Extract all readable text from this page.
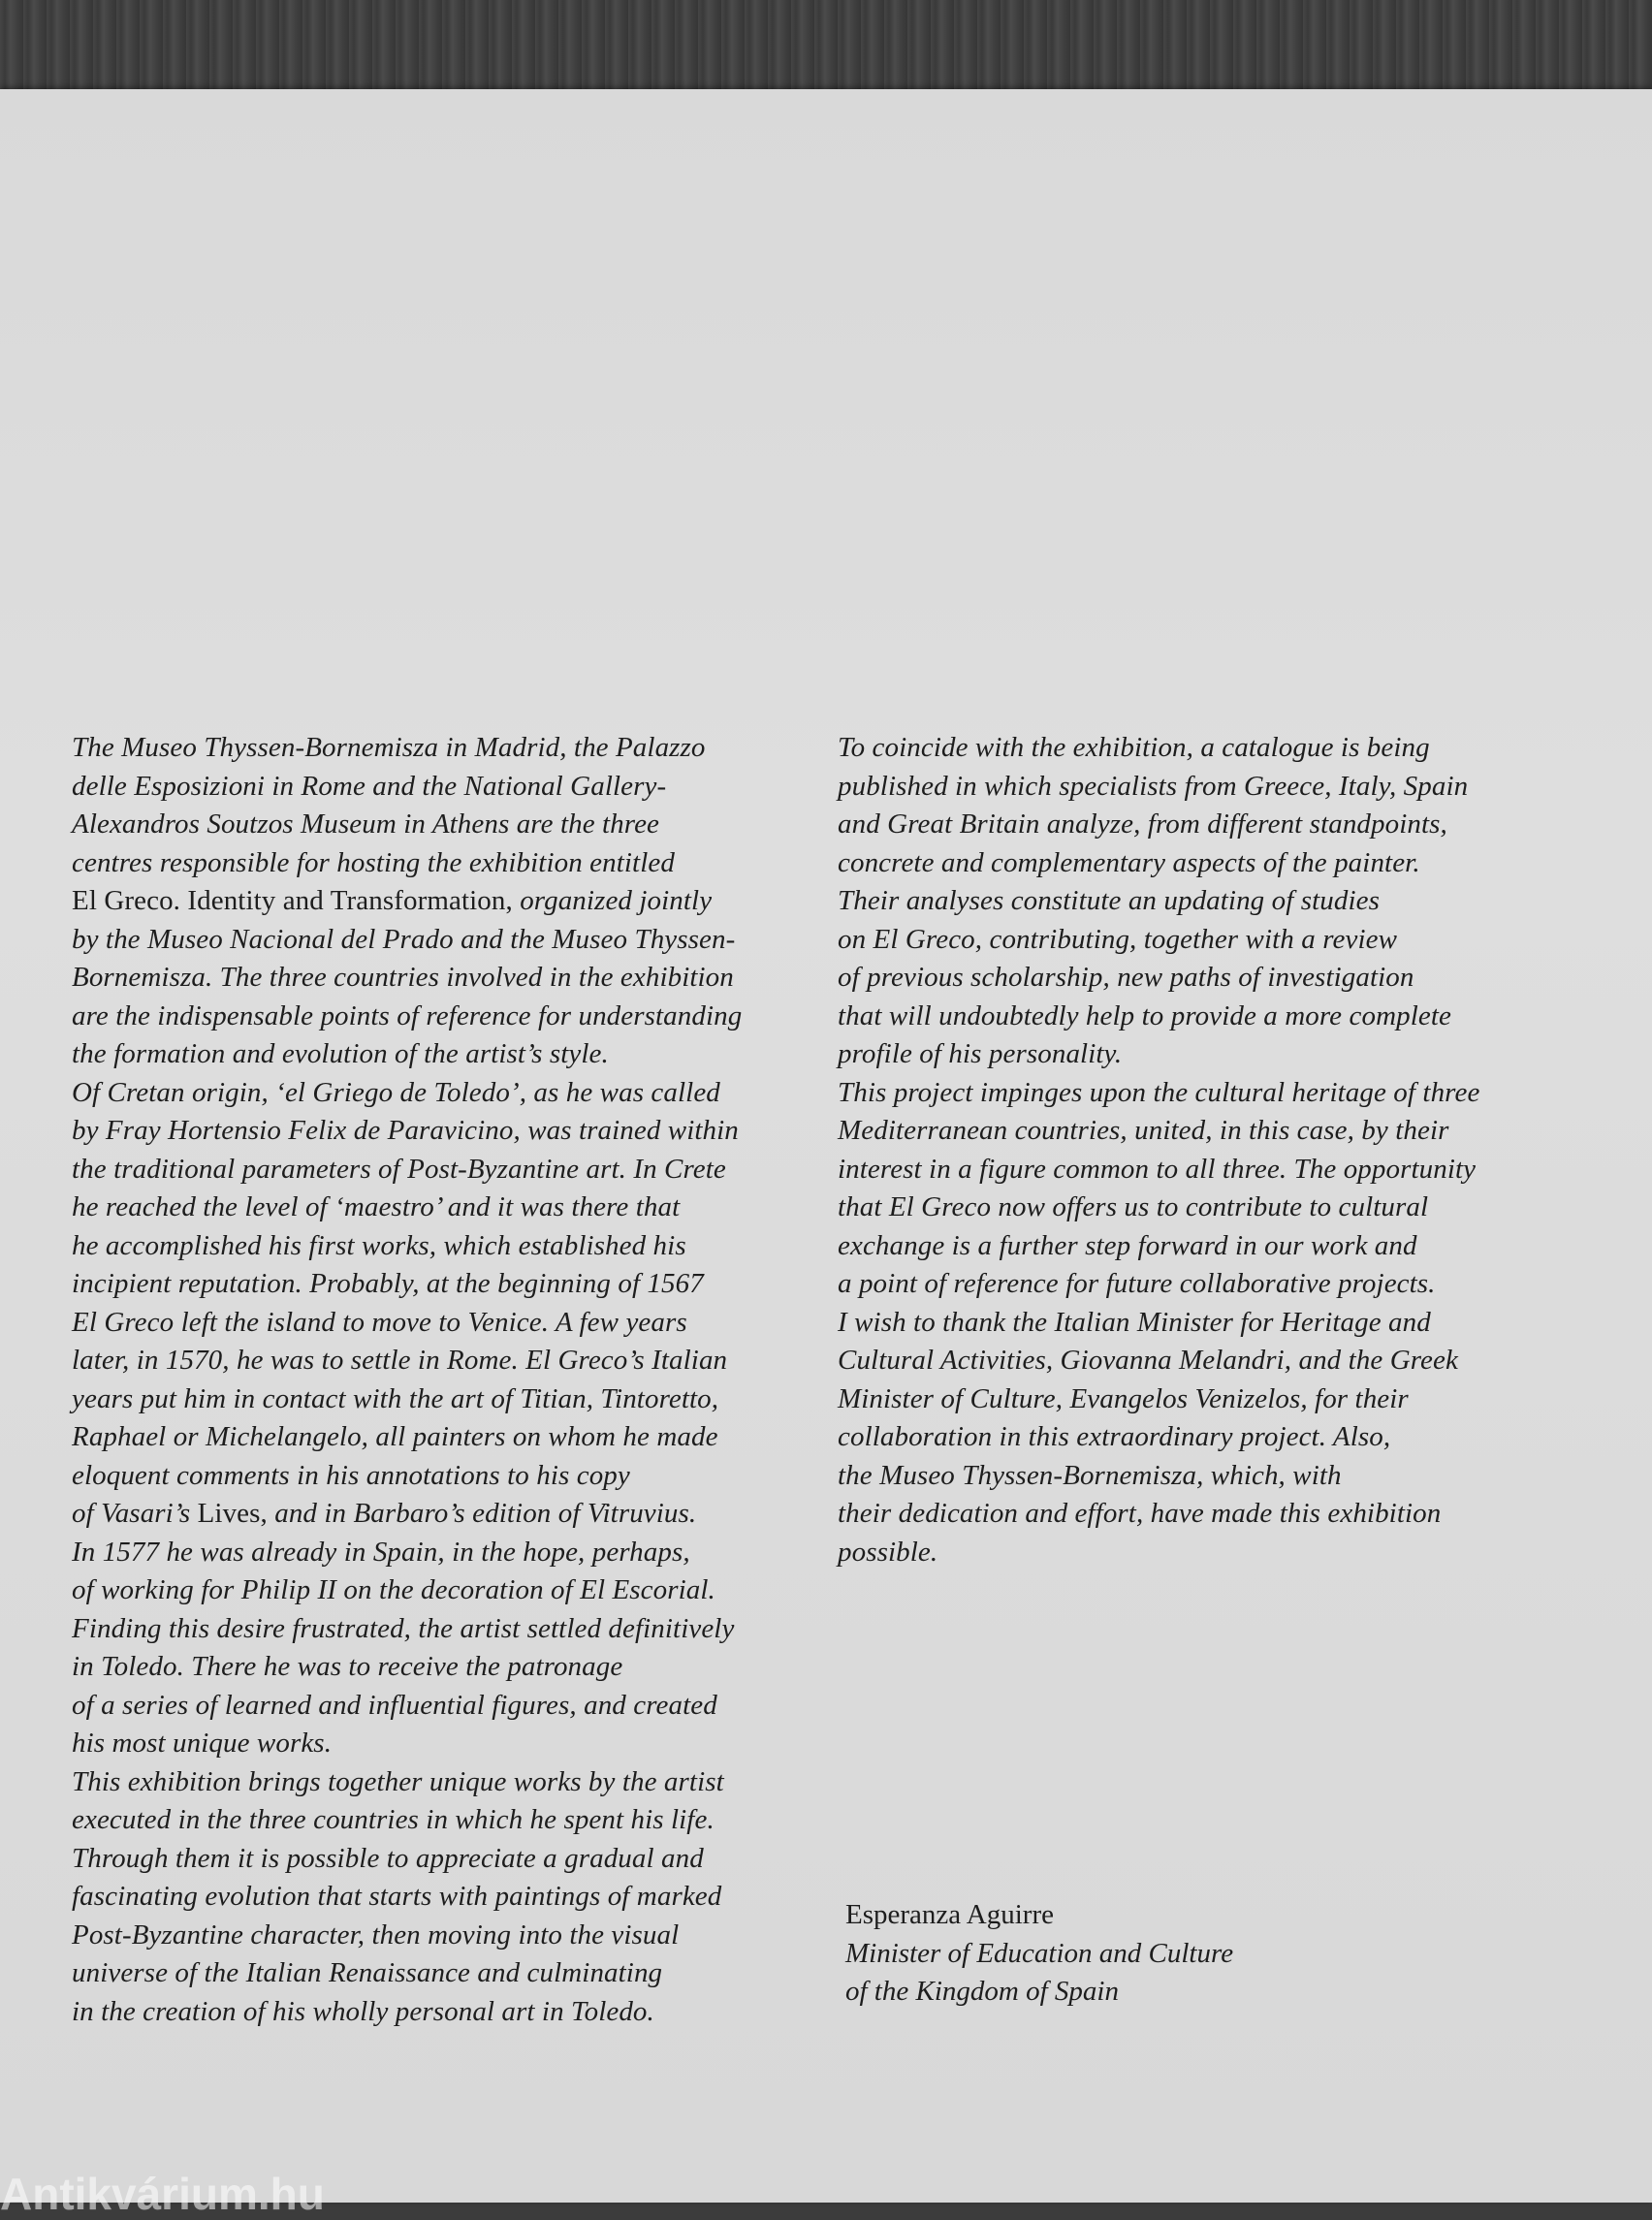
The Museo Thyssen-Bornemisza in Madrid, the Palazzo
delle Esposizioni in Rome and the National Gallery-
Alexandros Soutzos Museum in Athens are the three
centres responsible for hosting the exhibition entitled
El Greco. Identity and Transformation, organized jointly
by the Museo Nacional del Prado and the Museo Thyssen-
Bornemisza. The three countries involved in the exhibition
are the indispensable points of reference for understanding
the formation and evolution of the artist’s style.
Of Cretan origin, ‘el Griego de Toledo’, as he was called
by Fray Hortensio Felix de Paravicino, was trained within
the traditional parameters of Post-Byzantine art. In Crete
he reached the level of ‘maestro’ and it was there that
he accomplished his first works, which established his
incipient reputation. Probably, at the beginning of 1567
El Greco left the island to move to Venice. A few years
later, in 1570, he was to settle in Rome. El Greco’s Italian
years put him in contact with the art of Titian, Tintoretto,
Raphael or Michelangelo, all painters on whom he made
eloquent comments in his annotations to his copy
of Vasari’s Lives, and in Barbaro’s edition of Vitruvius.
In 1577 he was already in Spain, in the hope, perhaps,
of working for Philip II on the decoration of El Escorial.
Finding this desire frustrated, the artist settled definitively
in Toledo. There he was to receive the patronage
of a series of learned and influential figures, and created
his most unique works.
This exhibition brings together unique works by the artist
executed in the three countries in which he spent his life.
Through them it is possible to appreciate a gradual and
fascinating evolution that starts with paintings of marked
Post-Byzantine character, then moving into the visual
universe of the Italian Renaissance and culminating
in the creation of his wholly personal art in Toledo.
To coincide with the exhibition, a catalogue is being
published in which specialists from Greece, Italy, Spain
and Great Britain analyze, from different standpoints,
concrete and complementary aspects of the painter.
Their analyses constitute an updating of studies
on El Greco, contributing, together with a review
of previous scholarship, new paths of investigation
that will undoubtedly help to provide a more complete
profile of his personality.
This project impinges upon the cultural heritage of three
Mediterranean countries, united, in this case, by their
interest in a figure common to all three. The opportunity
that El Greco now offers us to contribute to cultural
exchange is a further step forward in our work and
a point of reference for future collaborative projects.
I wish to thank the Italian Minister for Heritage and
Cultural Activities, Giovanna Melandri, and the Greek
Minister of Culture, Evangelos Venizelos, for their
collaboration in this extraordinary project. Also,
the Museo Thyssen-Bornemisza, which, with
their dedication and effort, have made this exhibition
possible.
Esperanza Aguirre
Minister of Education and Culture
of the Kingdom of Spain
Antikvárium.hu
